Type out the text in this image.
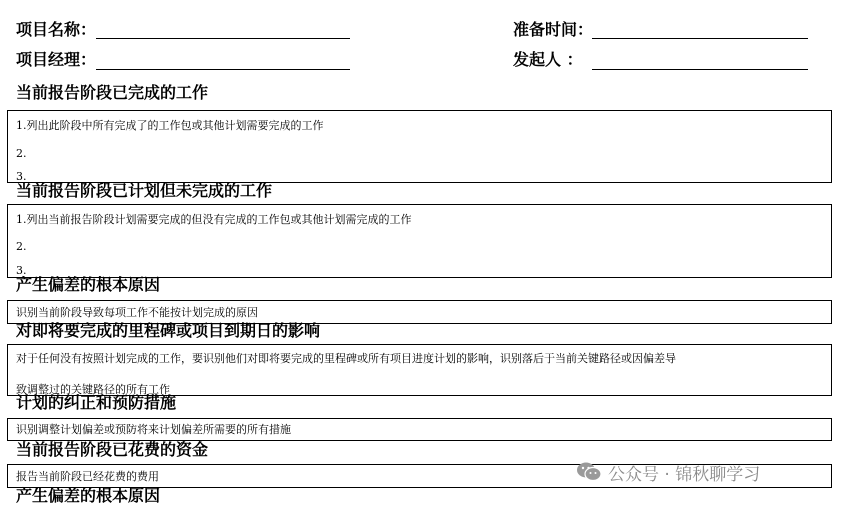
项目名称：
项目经理：
准备时间：
发起人 ：
当前报告阶段已完成的工作
1.列出此阶段中所有完成了的工作包或其他计划需要完成的工作
2.
3.
当前报告阶段已计划但未完成的工作
1.列出当前报告阶段计划需要完成的但没有完成的工作包或其他计划需完成的工作
2.
3.
产生偏差的根本原因
识别当前阶段导致每项工作不能按计划完成的原因
对即将要完成的里程碑或项目到期日的影响
对于任何没有按照计划完成的工作，要识别他们对即将要完成的里程碑或所有项目进度计划的影响，识别落后于当前关键路径或因偏差导
致调整过的关键路径的所有工作
计划的纠正和预防措施
识别调整计划偏差或预防将来计划偏差所需要的所有措施
当前报告阶段已花费的资金
报告当前阶段已经花费的费用
产生偏差的根本原因
公众号 · 锦秋聊学习
